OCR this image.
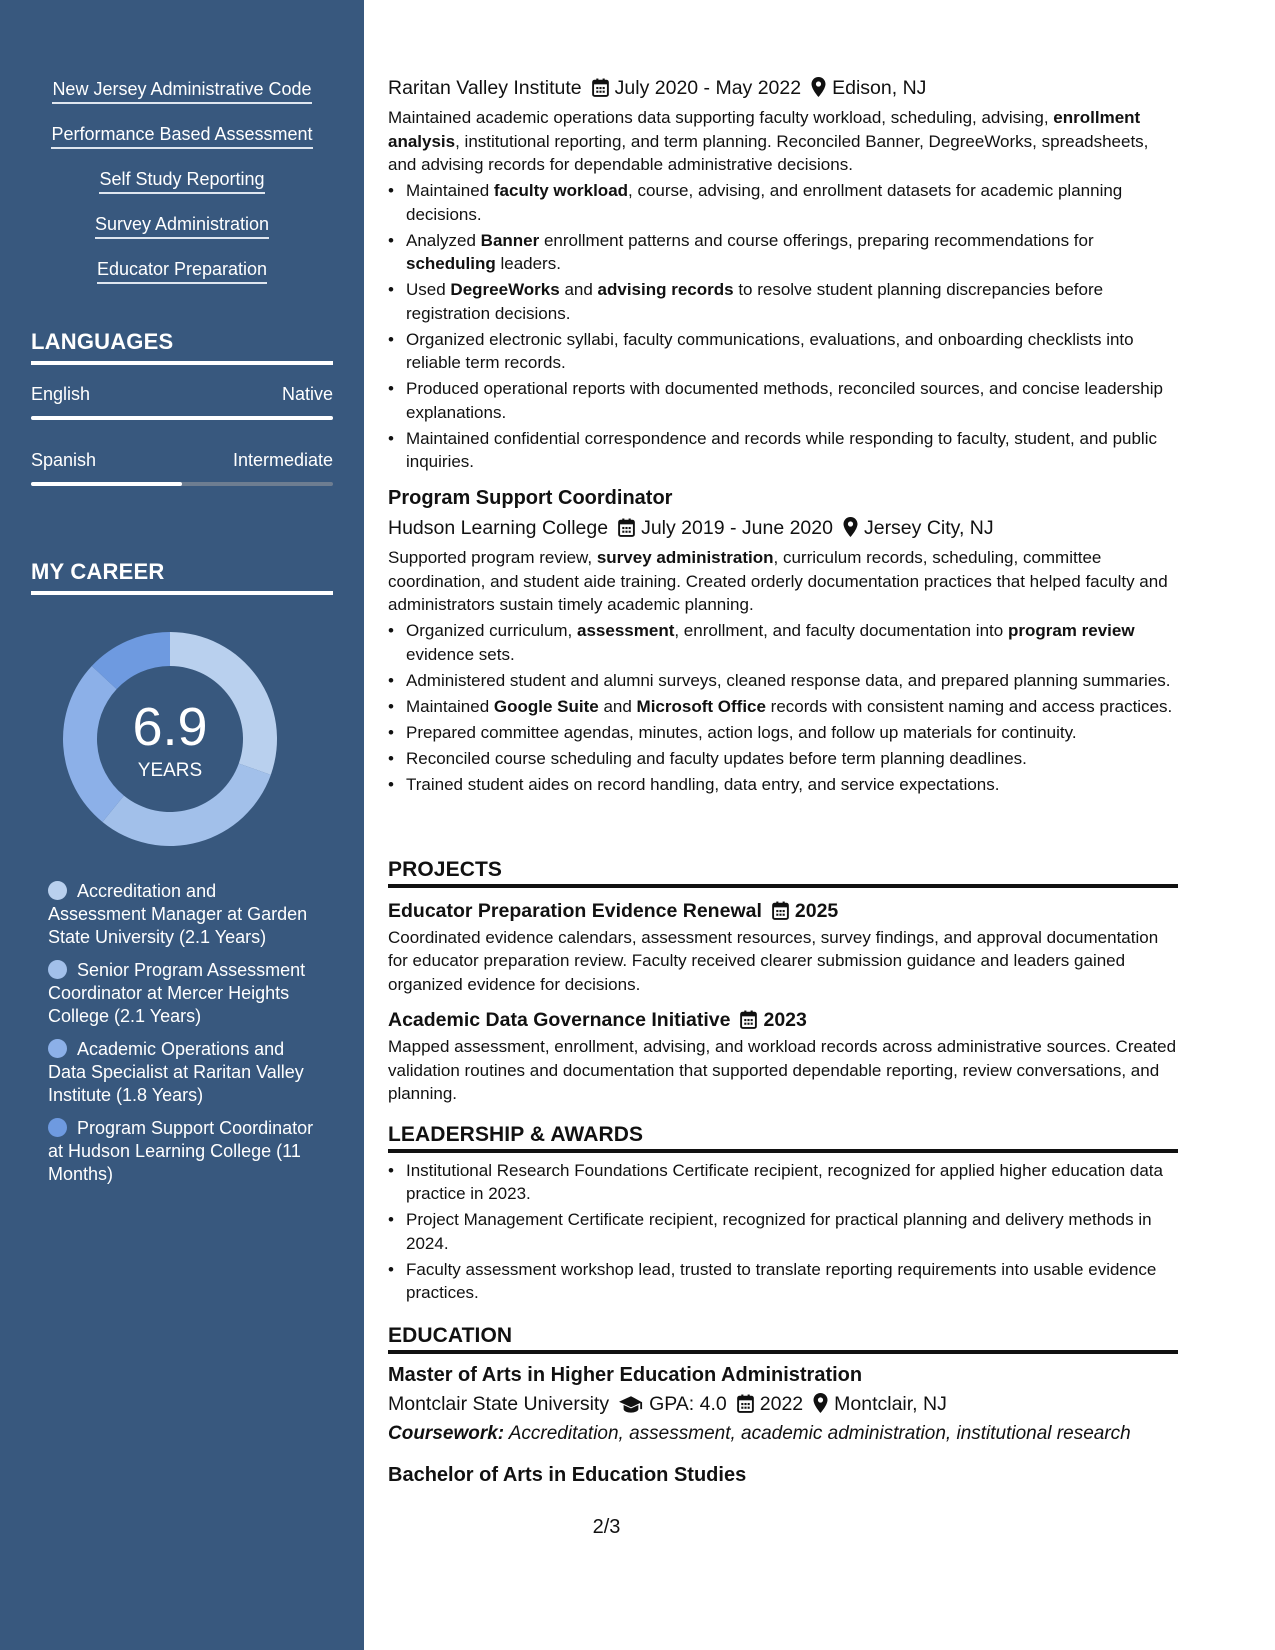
New Jersey Administrative Code
Performance Based Assessment
Self Study Reporting
Survey Administration
Educator Preparation
LANGUAGES
English	Native
Spanish	Intermediate
MY CAREER
6.9
YEARS
Accreditation and Assessment Manager at Garden State University (2.1 Years)
Senior Program Assessment Coordinator at Mercer Heights College (2.1 Years)
Academic Operations and Data Specialist at Raritan Valley Institute (1.8 Years)
Program Support Coordinator at Hudson Learning College (11 Months)
Raritan Valley Institute July 2020 - May 2022 Edison, NJ
Maintained academic operations data supporting faculty workload, scheduling, advising, enrollment analysis, institutional reporting, and term planning. Reconciled Banner, DegreeWorks, spreadsheets, and advising records for dependable administrative decisions.
• Maintained faculty workload, course, advising, and enrollment datasets for academic planning decisions.
• Analyzed Banner enrollment patterns and course offerings, preparing recommendations for scheduling leaders.
• Used DegreeWorks and advising records to resolve student planning discrepancies before registration decisions.
• Organized electronic syllabi, faculty communications, evaluations, and onboarding checklists into reliable term records.
• Produced operational reports with documented methods, reconciled sources, and concise leadership explanations.
• Maintained confidential correspondence and records while responding to faculty, student, and public inquiries.
Program Support Coordinator
Hudson Learning College July 2019 - June 2020 Jersey City, NJ
Supported program review, survey administration, curriculum records, scheduling, committee coordination, and student aide training. Created orderly documentation practices that helped faculty and administrators sustain timely academic planning.
• Organized curriculum, assessment, enrollment, and faculty documentation into program review evidence sets.
• Administered student and alumni surveys, cleaned response data, and prepared planning summaries.
• Maintained Google Suite and Microsoft Office records with consistent naming and access practices.
• Prepared committee agendas, minutes, action logs, and follow up materials for continuity.
• Reconciled course scheduling and faculty updates before term planning deadlines.
• Trained student aides on record handling, data entry, and service expectations.
PROJECTS
Educator Preparation Evidence Renewal 2025
Coordinated evidence calendars, assessment resources, survey findings, and approval documentation for educator preparation review. Faculty received clearer submission guidance and leaders gained organized evidence for decisions.
Academic Data Governance Initiative 2023
Mapped assessment, enrollment, advising, and workload records across administrative sources. Created validation routines and documentation that supported dependable reporting, review conversations, and planning.
LEADERSHIP & AWARDS
• Institutional Research Foundations Certificate recipient, recognized for applied higher education data practice in 2023.
• Project Management Certificate recipient, recognized for practical planning and delivery methods in 2024.
• Faculty assessment workshop lead, trusted to translate reporting requirements into usable evidence practices.
EDUCATION
Master of Arts in Higher Education Administration
Montclair State University GPA: 4.0 2022 Montclair, NJ
Coursework: Accreditation, assessment, academic administration, institutional research
Bachelor of Arts in Education Studies
2/3
